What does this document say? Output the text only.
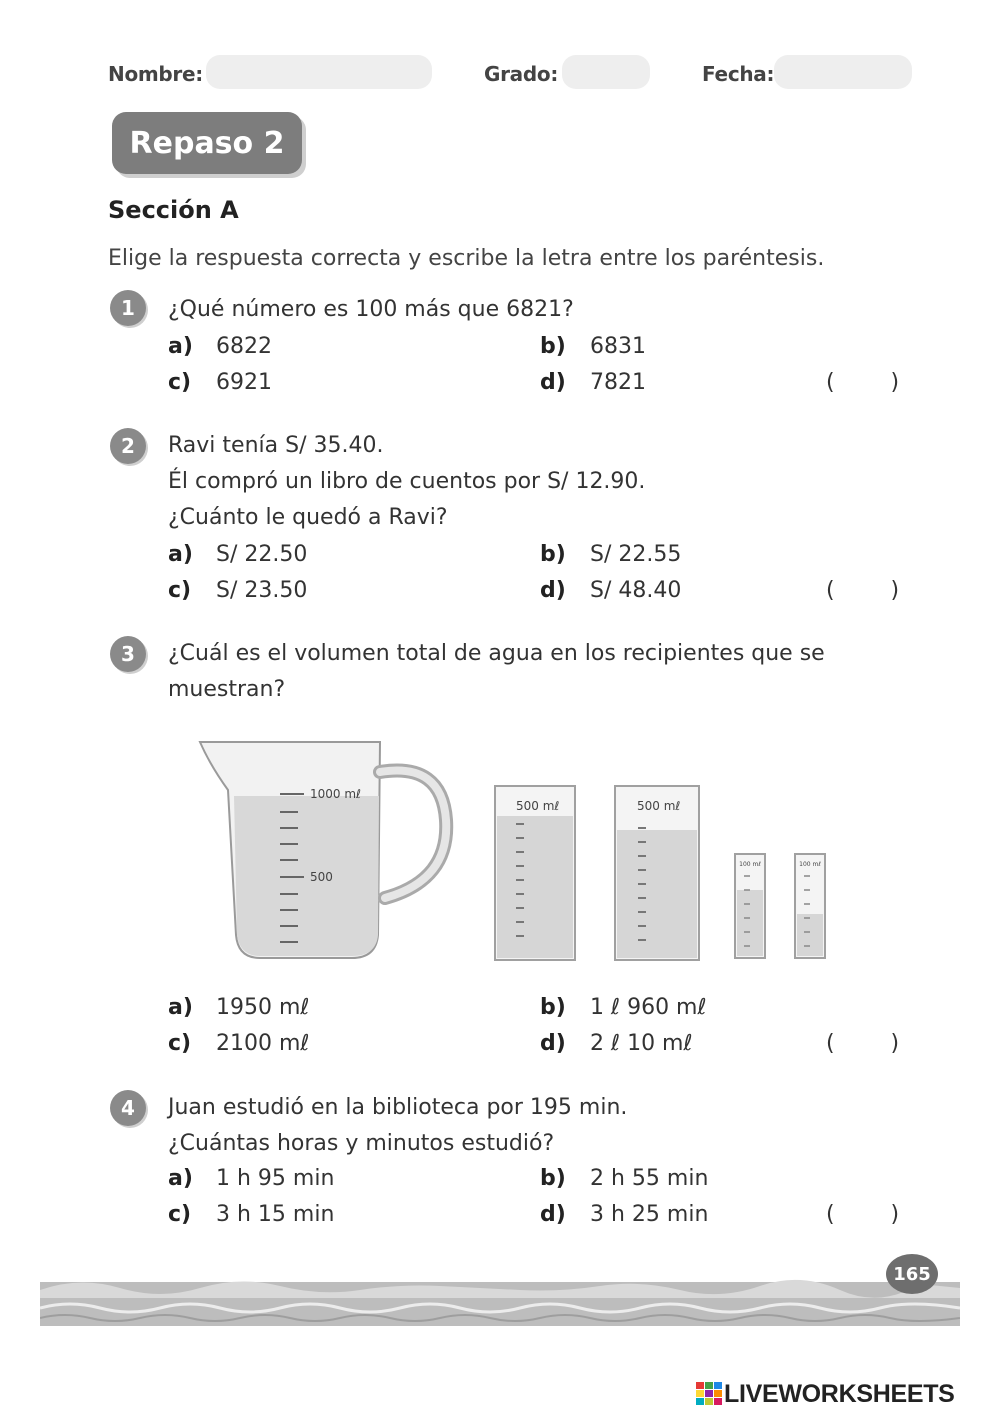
Nombre:	Grado:	Fecha:
Repaso 2
Sección A
Elige la respuesta correcta y escribe la letra entre los paréntesis.
1	¿Qué número es 100 más que 6821?
a) 6822	b) 6831
c) 6921	d) 7821	(        )
2	Ravi tenía S/ 35.40.
Él compró un libro de cuentos por S/ 12.90.
¿Cuánto le quedó a Ravi?
a) S/ 22.50	b) S/ 22.55
c) S/ 23.50	d) S/ 48.40	(        )
3	¿Cuál es el volumen total de agua en los recipientes que se
muestran?
1000 mℓ
500
500 mℓ	500 mℓ
100 mℓ	100 mℓ
a) 1950 mℓ	b) 1 ℓ 960 mℓ
c) 2100 mℓ	d) 2 ℓ 10 mℓ	(        )
4	Juan estudió en la biblioteca por 195 min.
¿Cuántas horas y minutos estudió?
a) 1 h 95 min	b) 2 h 55 min
c) 3 h 15 min	d) 3 h 25 min	(        )
165
LIVEWORKSHEETS
